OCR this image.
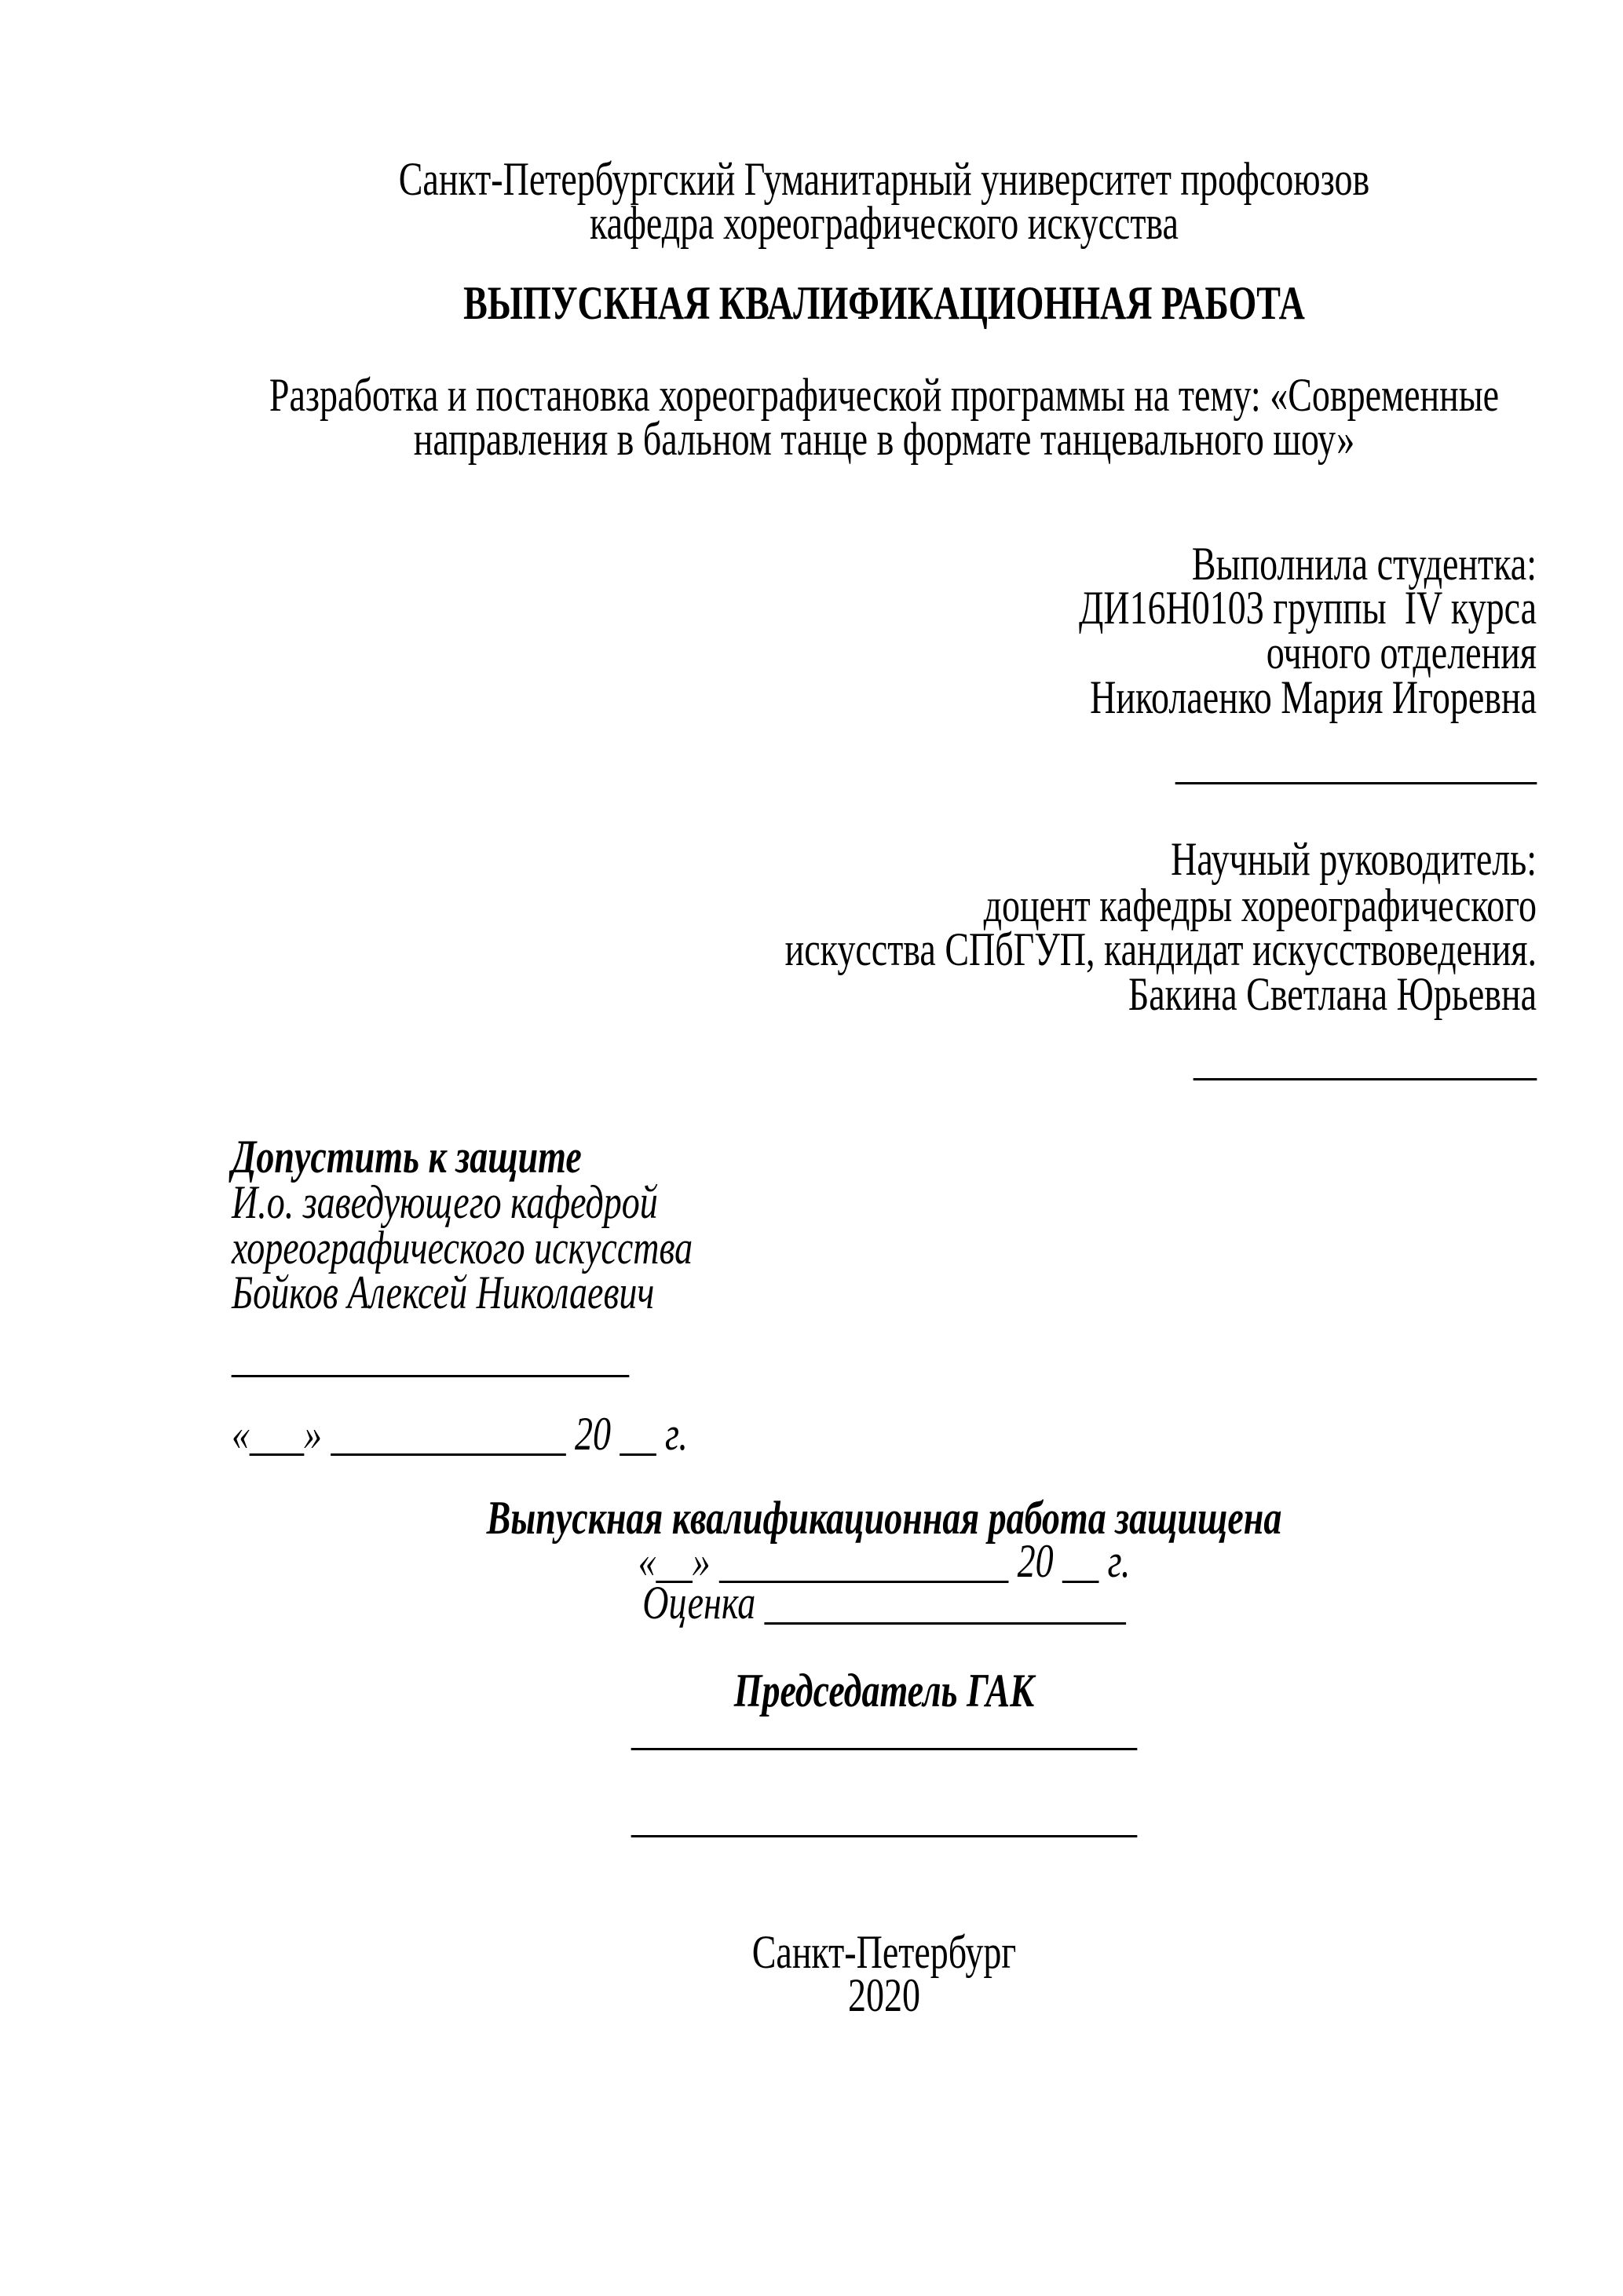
Санкт-Петербургский Гуманитарный университет профсоюзов
кафедра хореографического искусства
ВЫПУСКНАЯ КВАЛИФИКАЦИОННАЯ РАБОТА
Разработка и постановка хореографической программы на тему: «Современные
направления в бальном танце в формате танцевального шоу»
Выполнила студентка:
ДИ16Н0103 группы  IV курса
очного отделения
Николаенко Мария Игоревна
____________________
Научный руководитель:
доцент кафедры хореографического
искусства СПбГУП, кандидат искусствоведения.
Бакина Светлана Юрьевна
___________________
Допустить к защите
И.о. заведующего кафедрой
хореографического искусства
Бойков Алексей Николаевич
______________________
«___» _____________ 20 __ г.
Выпускная квалификационная работа защищена
«__» ________________ 20 __ г.
Оценка ____________________
Председатель ГАК
____________________________
____________________________
Санкт-Петербург
2020
